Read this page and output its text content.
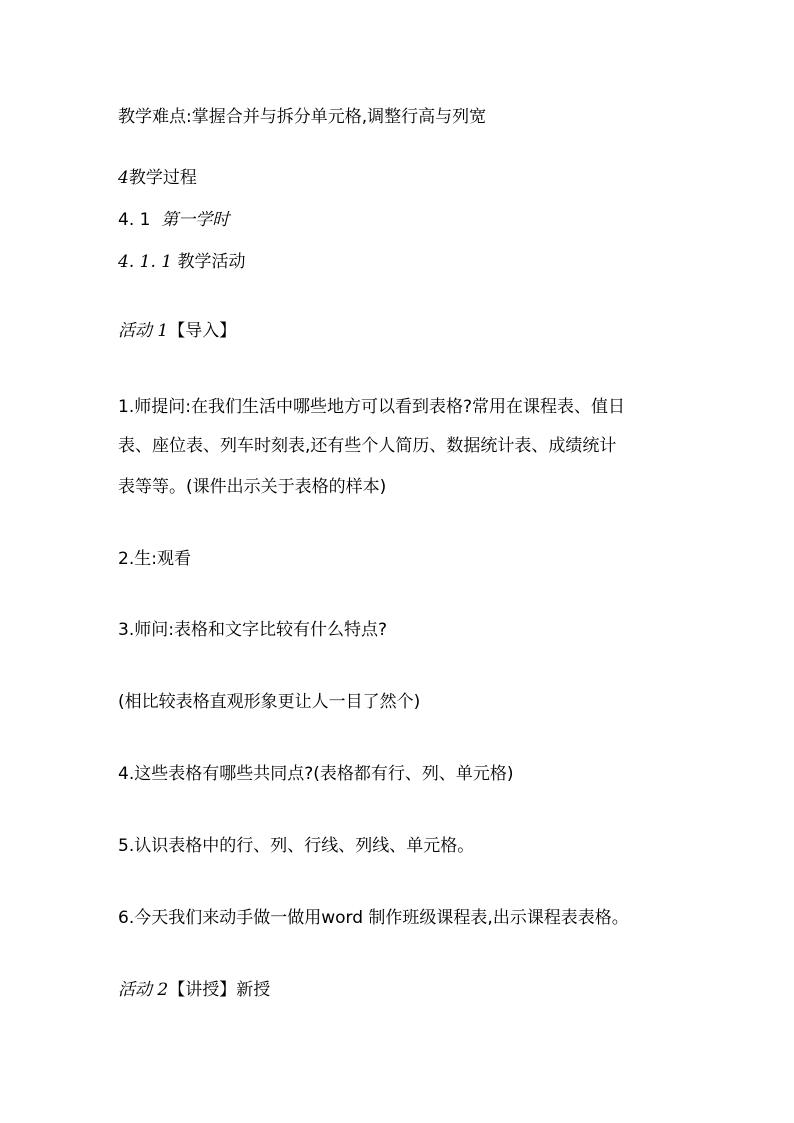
教学难点:掌握合并与拆分单元格,调整行高与列宽
4教学过程
4. 1 第一学时
4. 1. 1 教学活动
活动 1【导入】
1.师提问:在我们生活中哪些地方可以看到表格?常用在课程表、值日
表、座位表、列车时刻表,还有些个人简历、数据统计表、成绩统计
表等等。(课件出示关于表格的样本)
2.生:观看
3.师问:表格和文字比较有什么特点?
(相比较表格直观形象更让人一目了然个)
4.这些表格有哪些共同点?(表格都有行、列、单元格)
5.认识表格中的行、列、行线、列线、单元格。
6.今天我们来动手做一做用word 制作班级课程表,出示课程表表格。
活动 2【讲授】新授
